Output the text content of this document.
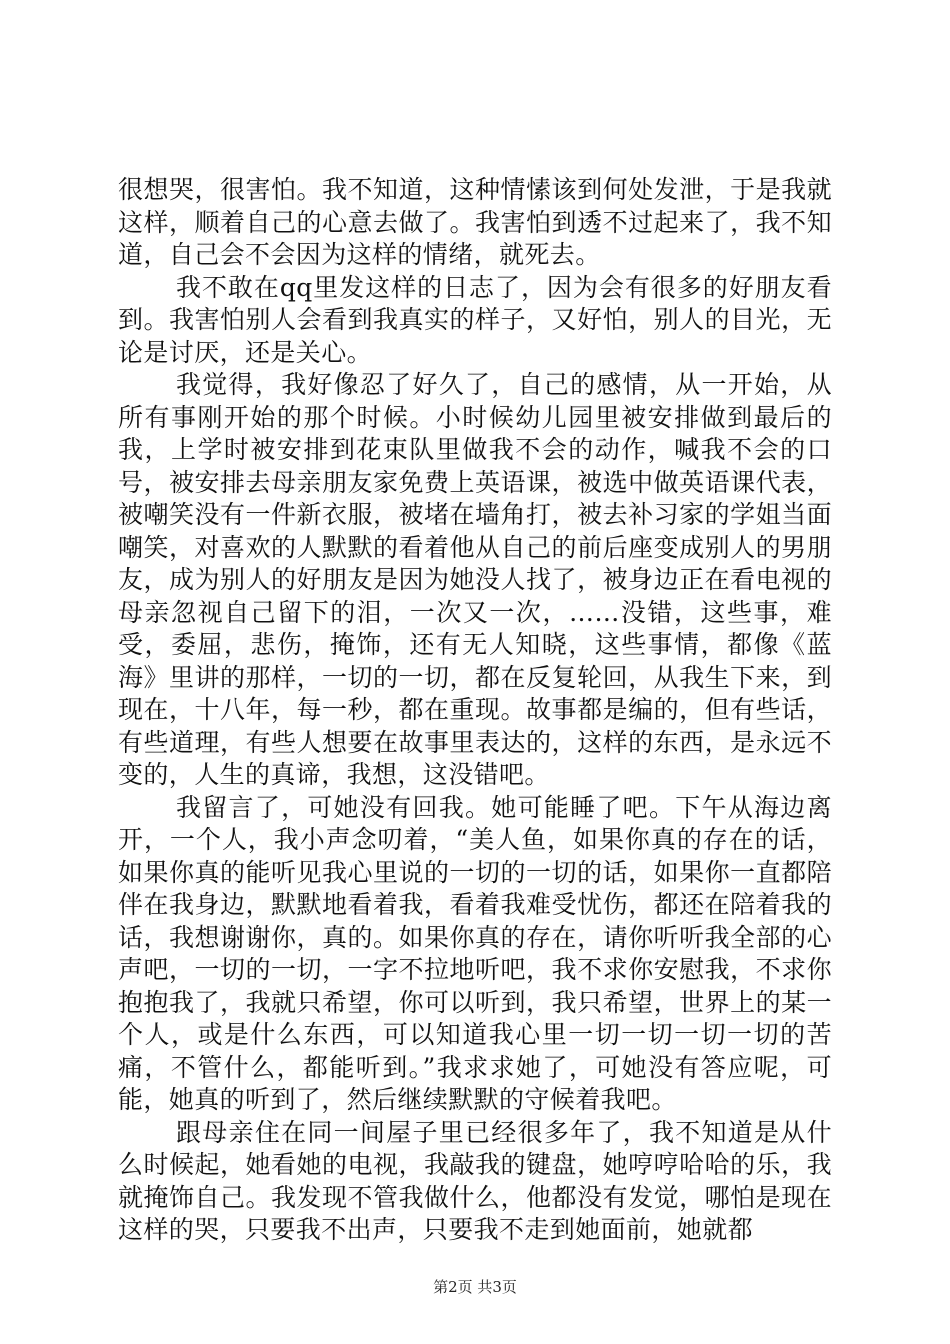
很想哭，很害怕。我不知道，这种情愫该到何处发泄，于是我就这样，顺着自己的心意去做了。我害怕到透不过起来了，我不知道，自己会不会因为这样的情绪，就死去。

我不敢在qq里发这样的日志了，因为会有很多的好朋友看到。我害怕别人会看到我真实的样子，又好怕，别人的目光，无论是讨厌，还是关心。

我觉得，我好像忍了好久了，自己的感情，从一开始，从所有事刚开始的那个时候。小时候幼儿园里被安排做到最后的我，上学时被安排到花束队里做我不会的动作，喊我不会的口号，被安排去母亲朋友家免费上英语课，被选中做英语课代表，被嘲笑没有一件新衣服，被堵在墙角打，被去补习家的学姐当面嘲笑，对喜欢的人默默的看着他从自己的前后座变成别人的男朋友，成为别人的好朋友是因为她没人找了，被身边正在看电视的母亲忽视自己留下的泪，一次又一次，……没错，这些事，难受，委屈，悲伤，掩饰，还有无人知晓，这些事情，都像《蓝海》里讲的那样，一切的一切，都在反复轮回，从我生下来，到现在，十八年，每一秒，都在重现。故事都是编的，但有些话，有些道理，有些人想要在故事里表达的，这样的东西，是永远不变的，人生的真谛，我想，这没错吧。

我留言了，可她没有回我。她可能睡了吧。下午从海边离开，一个人，我小声念叨着，“美人鱼，如果你真的存在的话，如果你真的能听见我心里说的一切的一切的话，如果你一直都陪伴在我身边，默默地看着我，看着我难受忧伤，都还在陪着我的话，我想谢谢你，真的。如果你真的存在，请你听听我全部的心声吧，一切的一切，一字不拉地听吧，我不求你安慰我，不求你抱抱我了，我就只希望，你可以听到，我只希望，世界上的某一个人，或是什么东西，可以知道我心里一切一切一切一切的苦痛，不管什么，都能听到。”我求求她了，可她没有答应呢，可能，她真的听到了，然后继续默默的守候着我吧。

跟母亲住在同一间屋子里已经很多年了，我不知道是从什么时候起，她看她的电视，我敲我的键盘，她哼哼哈哈的乐，我就掩饰自己。我发现不管我做什么，他都没有发觉，哪怕是现在这样的哭，只要我不出声，只要我不走到她面前，她就都

第2页 共3页
